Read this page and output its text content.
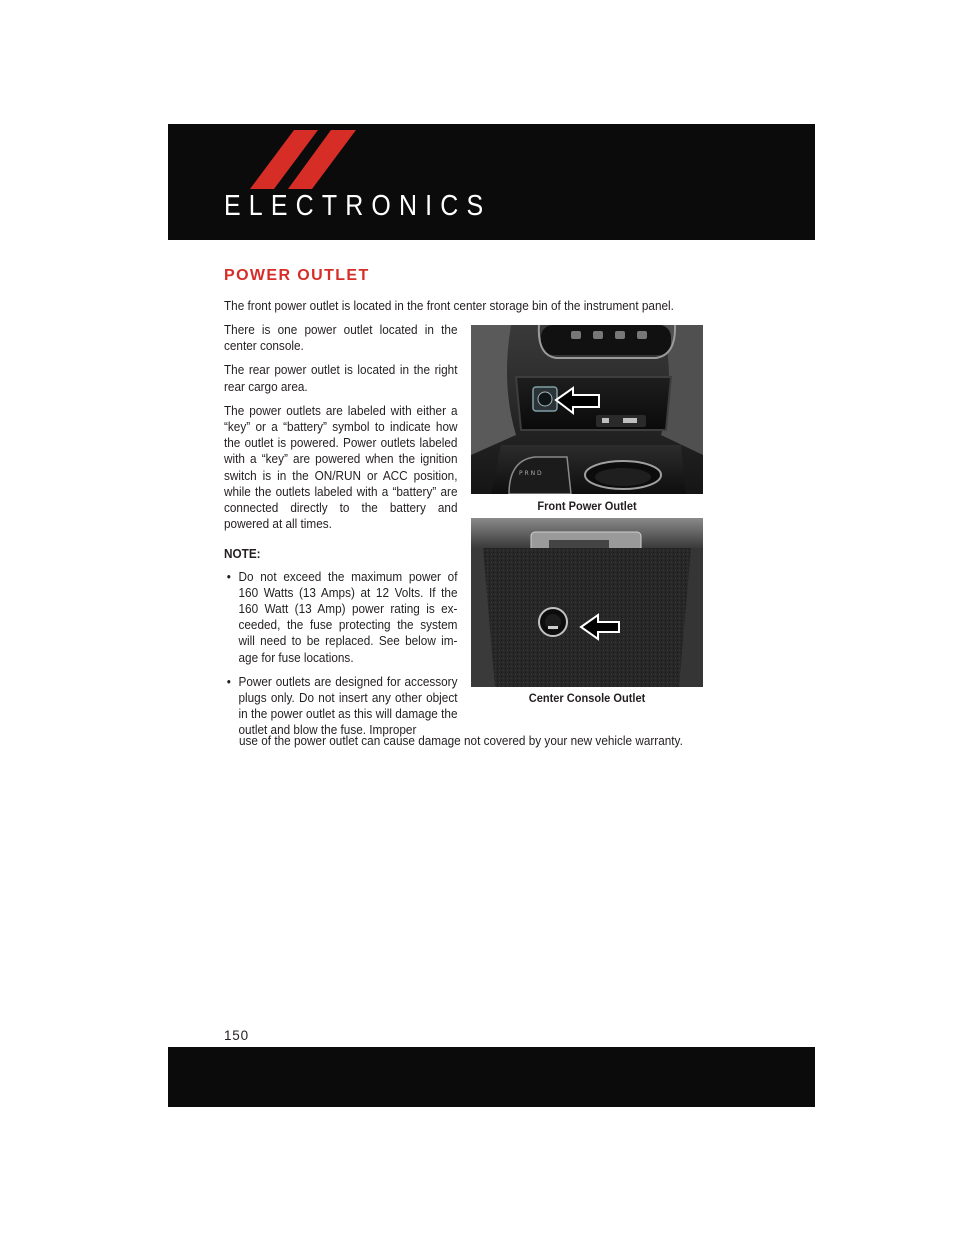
ELECTRONICS
POWER OUTLET

The front power outlet is located in the front center storage bin of the instrument panel.

There is one power outlet located in the center console.

The rear power outlet is located in the right rear cargo area.

The power outlets are labeled with either a “key” or a “battery” symbol to indicate how the outlet is powered. Power outlets labeled with a “key” are powered when the ignition switch is in the ON/RUN or ACC position, while the outlets labeled with a “battery” are connected directly to the battery and powered at all times.

NOTE:
• Do not exceed the maximum power of 160 Watts (13 Amps) at 12 Volts. If the 160 Watt (13 Amp) power rating is exceeded, the fuse protecting the system will need to be replaced. See below image for fuse locations.
• Power outlets are designed for accessory plugs only. Do not insert any other object in the power outlet as this will damage the outlet and blow the fuse. Improper

use of the power outlet can cause damage not covered by your new vehicle warranty.

P R N D

Front Power Outlet

Center Console Outlet

150
